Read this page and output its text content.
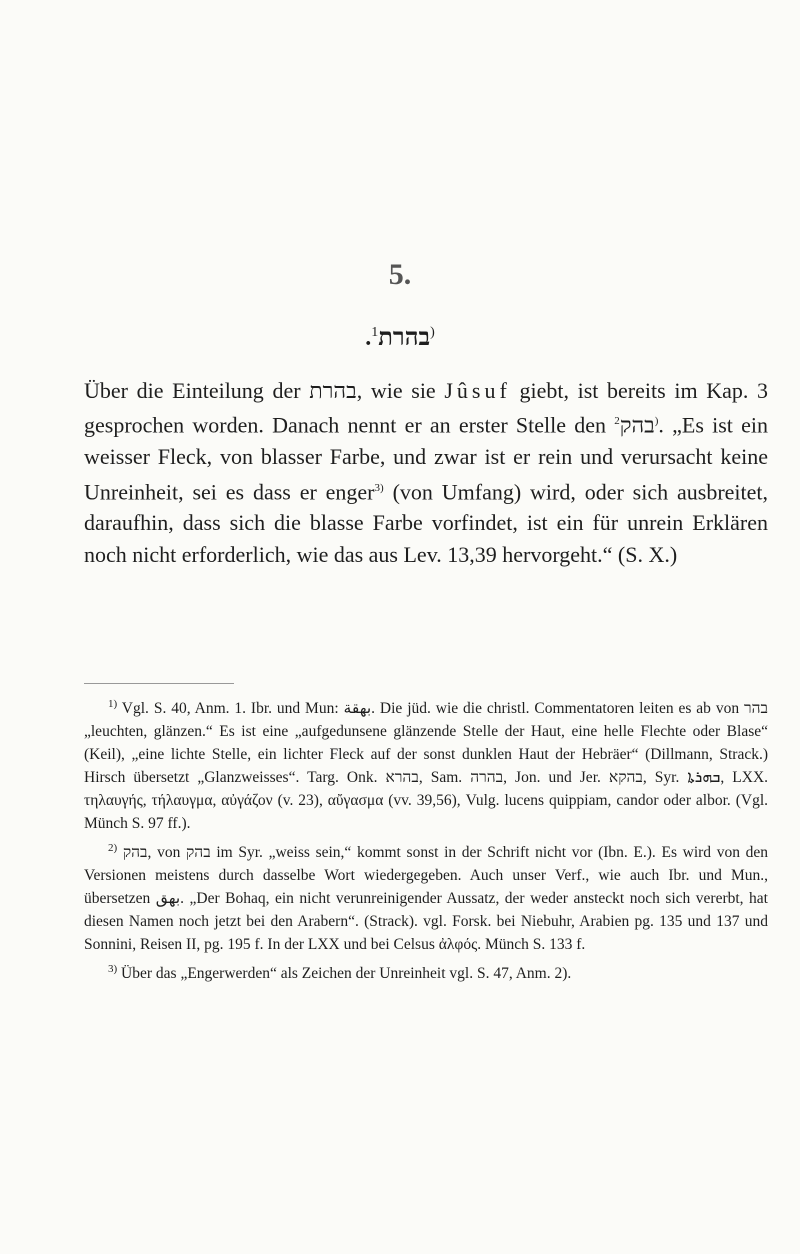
5.
.בהרת$^{1)}$

Über die Einteilung der בהרת, wie sie Jûsuf giebt, ist bereits im Kap. 3 gesprochen worden. Danach nennt er an erster Stelle den בהק$^{2)}$. „Es ist ein weisser Fleck, von blasser Farbe, und zwar ist er rein und verursacht keine Unreinheit, sei es dass er enger$^{3)}$ (von Umfang) wird, oder sich ausbreitet, daraufhin, dass sich die blasse Farbe vorfindet, ist ein für unrein Erklären noch nicht erforderlich, wie das aus Lev. 13,39 hervorgeht.“ (S. X.)

$^{1)}$ Vgl. S. 40, Anm. 1. Ibr. und Mun: بهقة. Die jüd. wie die christl. Commentatoren leiten es ab von בהר „leuchten, glänzen.“ Es ist eine „aufgedunsene glänzende Stelle der Haut, eine helle Flechte oder Blase“ (Keil), „eine lichte Stelle, ein lichter Fleck auf der sonst dunklen Haut der Hebräer“ (Dillmann, Strack.) Hirsch übersetzt „Glanzweisses“. Targ. Onk. בהרא, Sam. בהרה, Jon. und Jer. בהקא, Syr. ܒܗܪܬܐ, LXX. τηλαυγής, τήλαυγμα, αὐγάζον (v. 23), αὔγασμα (vv. 39,56), Vulg. lucens quippiam, candor oder albor. (Vgl. Münch S. 97 ff.).

$^{2)}$ בהק, von בהק im Syr. „weiss sein,“ kommt sonst in der Schrift nicht vor (Ibn. E.). Es wird von den Versionen meistens durch dasselbe Wort wiedergegeben. Auch unser Verf., wie auch Ibr. und Mun., übersetzen بهق. „Der Bohaq, ein nicht verunreinigender Aussatz, der weder ansteckt noch sich vererbt, hat diesen Namen noch jetzt bei den Arabern“. (Strack). vgl. Forsk. bei Niebuhr, Arabien pg. 135 und 137 und Sonnini, Reisen II, pg. 195 f. In der LXX und bei Celsus ἀλφός. Münch S. 133 f.

$^{3)}$ Über das „Engerwerden“ als Zeichen der Unreinheit vgl. S. 47, Anm. 2).
